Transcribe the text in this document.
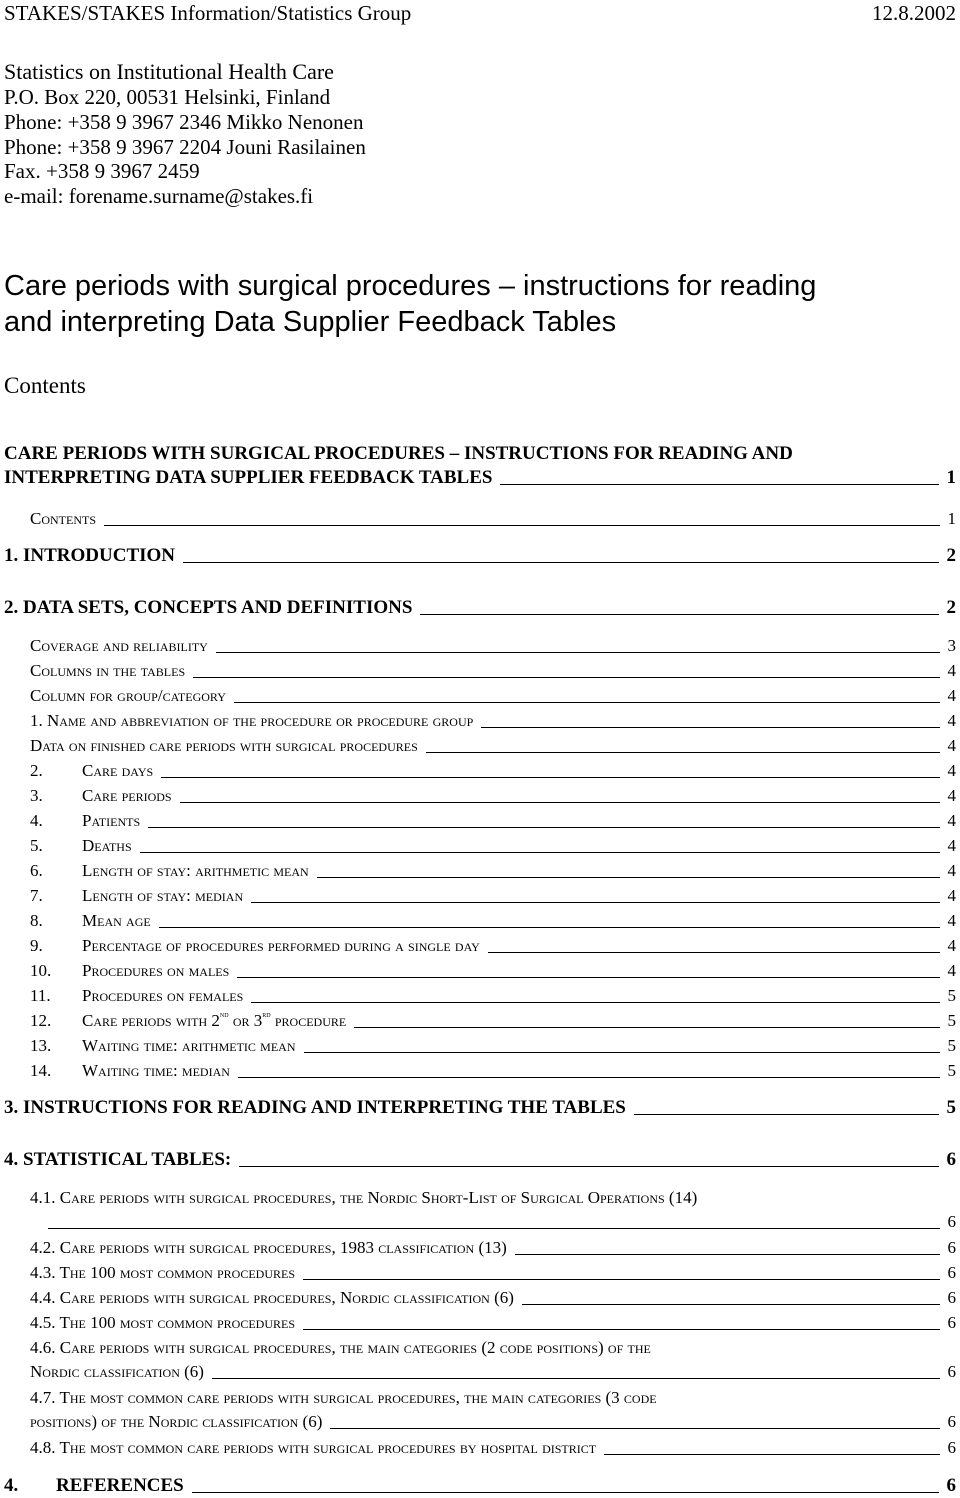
STAKES/STAKES Information/Statistics Group	12.8.2002
Statistics on Institutional Health Care
P.O. Box 220, 00531 Helsinki, Finland
Phone: +358 9 3967 2346 Mikko Nenonen
Phone: +358 9 3967 2204 Jouni Rasilainen
Fax. +358 9 3967 2459
e-mail: forename.surname@stakes.fi
Care periods with surgical procedures – instructions for reading
and interpreting Data Supplier Feedback Tables
Contents
CARE PERIODS WITH SURGICAL PROCEDURES – INSTRUCTIONS FOR READING AND
INTERPRETING DATA SUPPLIER FEEDBACK TABLES	1
Contents	1
1. INTRODUCTION	2
2. DATA SETS, CONCEPTS AND DEFINITIONS	2
Coverage and reliability	3
Columns in the tables	4
Column for group/category	4
1. Name and abbreviation of the procedure or procedure group	4
Data on finished care periods with surgical procedures	4
2. Care days	4
3. Care periods	4
4. Patients	4
5. Deaths	4
6. Length of stay: arithmetic mean	4
7. Length of stay: median	4
8. Mean age	4
9. Percentage of procedures performed during a single day	4
10. Procedures on males	4
11. Procedures on females	5
12. Care periods with 2nd or 3rd procedure	5
13. Waiting time: arithmetic mean	5
14. Waiting time: median	5
3. INSTRUCTIONS FOR READING AND INTERPRETING THE TABLES	5
4. STATISTICAL TABLES:	6
4.1. Care periods with surgical procedures, the Nordic Short-List of Surgical Operations (14)
6
4.2. Care periods with surgical procedures, 1983 classification (13)	6
4.3. The 100 most common procedures	6
4.4. Care periods with surgical procedures, Nordic classification (6)	6
4.5. The 100 most common procedures	6
4.6. Care periods with surgical procedures, the main categories (2 code positions) of the
Nordic classification (6)	6
4.7. The most common care periods with surgical procedures, the main categories (3 code
positions) of the Nordic classification (6)	6
4.8. The most common care periods with surgical procedures by hospital district	6
4. REFERENCES	6
